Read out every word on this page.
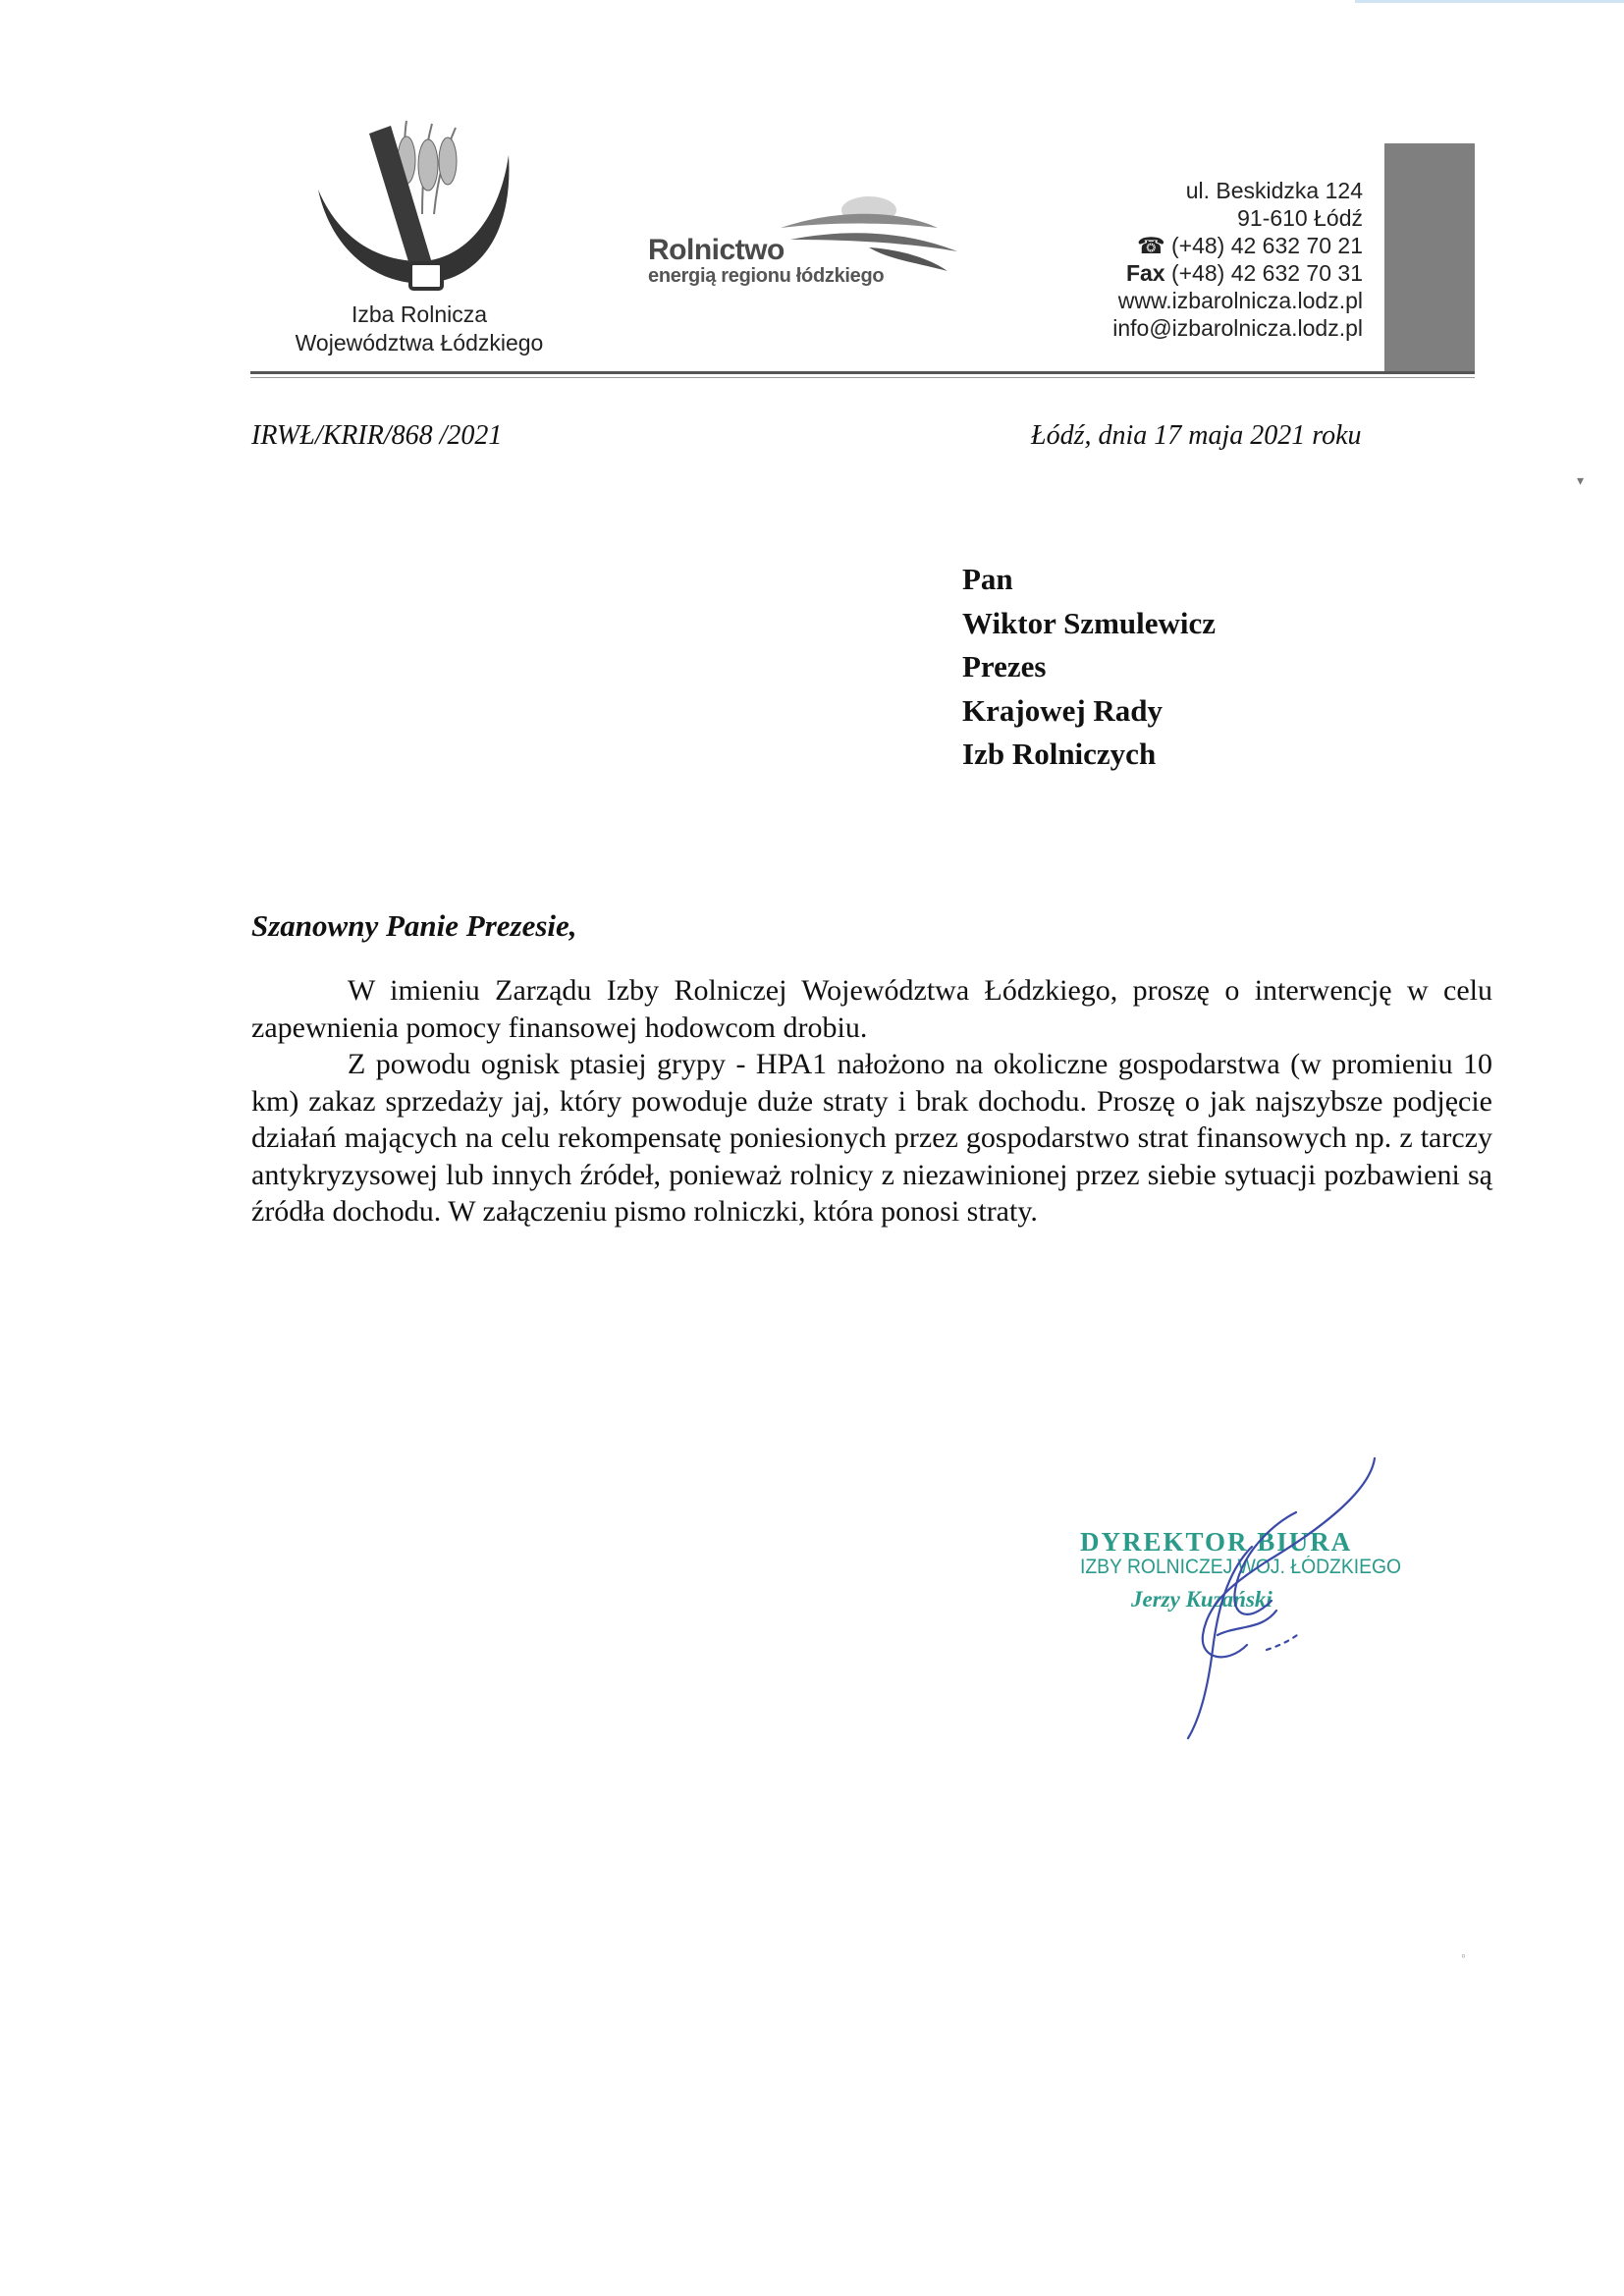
Izba Rolnicza
Województwa Łódzkiego
Rolnictwo
energią regionu łódzkiego
ul. Beskidzka 124
91-610 Łódź
☎ (+48) 42 632 70 21
Fax (+48) 42 632 70 31
www.izbarolnicza.lodz.pl
info@izbarolnicza.lodz.pl
IRWŁ/KRIR/868 /2021	Łódź, dnia 17 maja 2021 roku
▾
Pan
Wiktor Szmulewicz
Prezes
Krajowej Rady
Izb Rolniczych
Szanowny Panie Prezesie,

W imieniu Zarządu Izby Rolniczej Województwa Łódzkiego, proszę o interwencję w celu zapewnienia pomocy finansowej hodowcom drobiu.

Z powodu ognisk ptasiej grypy - HPA1 nałożono na okoliczne gospodarstwa (w promieniu 10 km) zakaz sprzedaży jaj, który powoduje duże straty i brak dochodu. Proszę o jak najszybsze podjęcie działań mających na celu rekompensatę poniesionych przez gospodarstwo strat finansowych np. z tarczy antykryzysowej lub innych źródeł, ponieważ rolnicy z niezawinionej przez siebie sytuacji pozbawieni są źródła dochodu. W załączeniu pismo rolniczki, która ponosi straty.

DYREKTOR BIURA
IZBY ROLNICZEJ WOJ. ŁÓDZKIEGO
Jerzy Kuzański
◦
